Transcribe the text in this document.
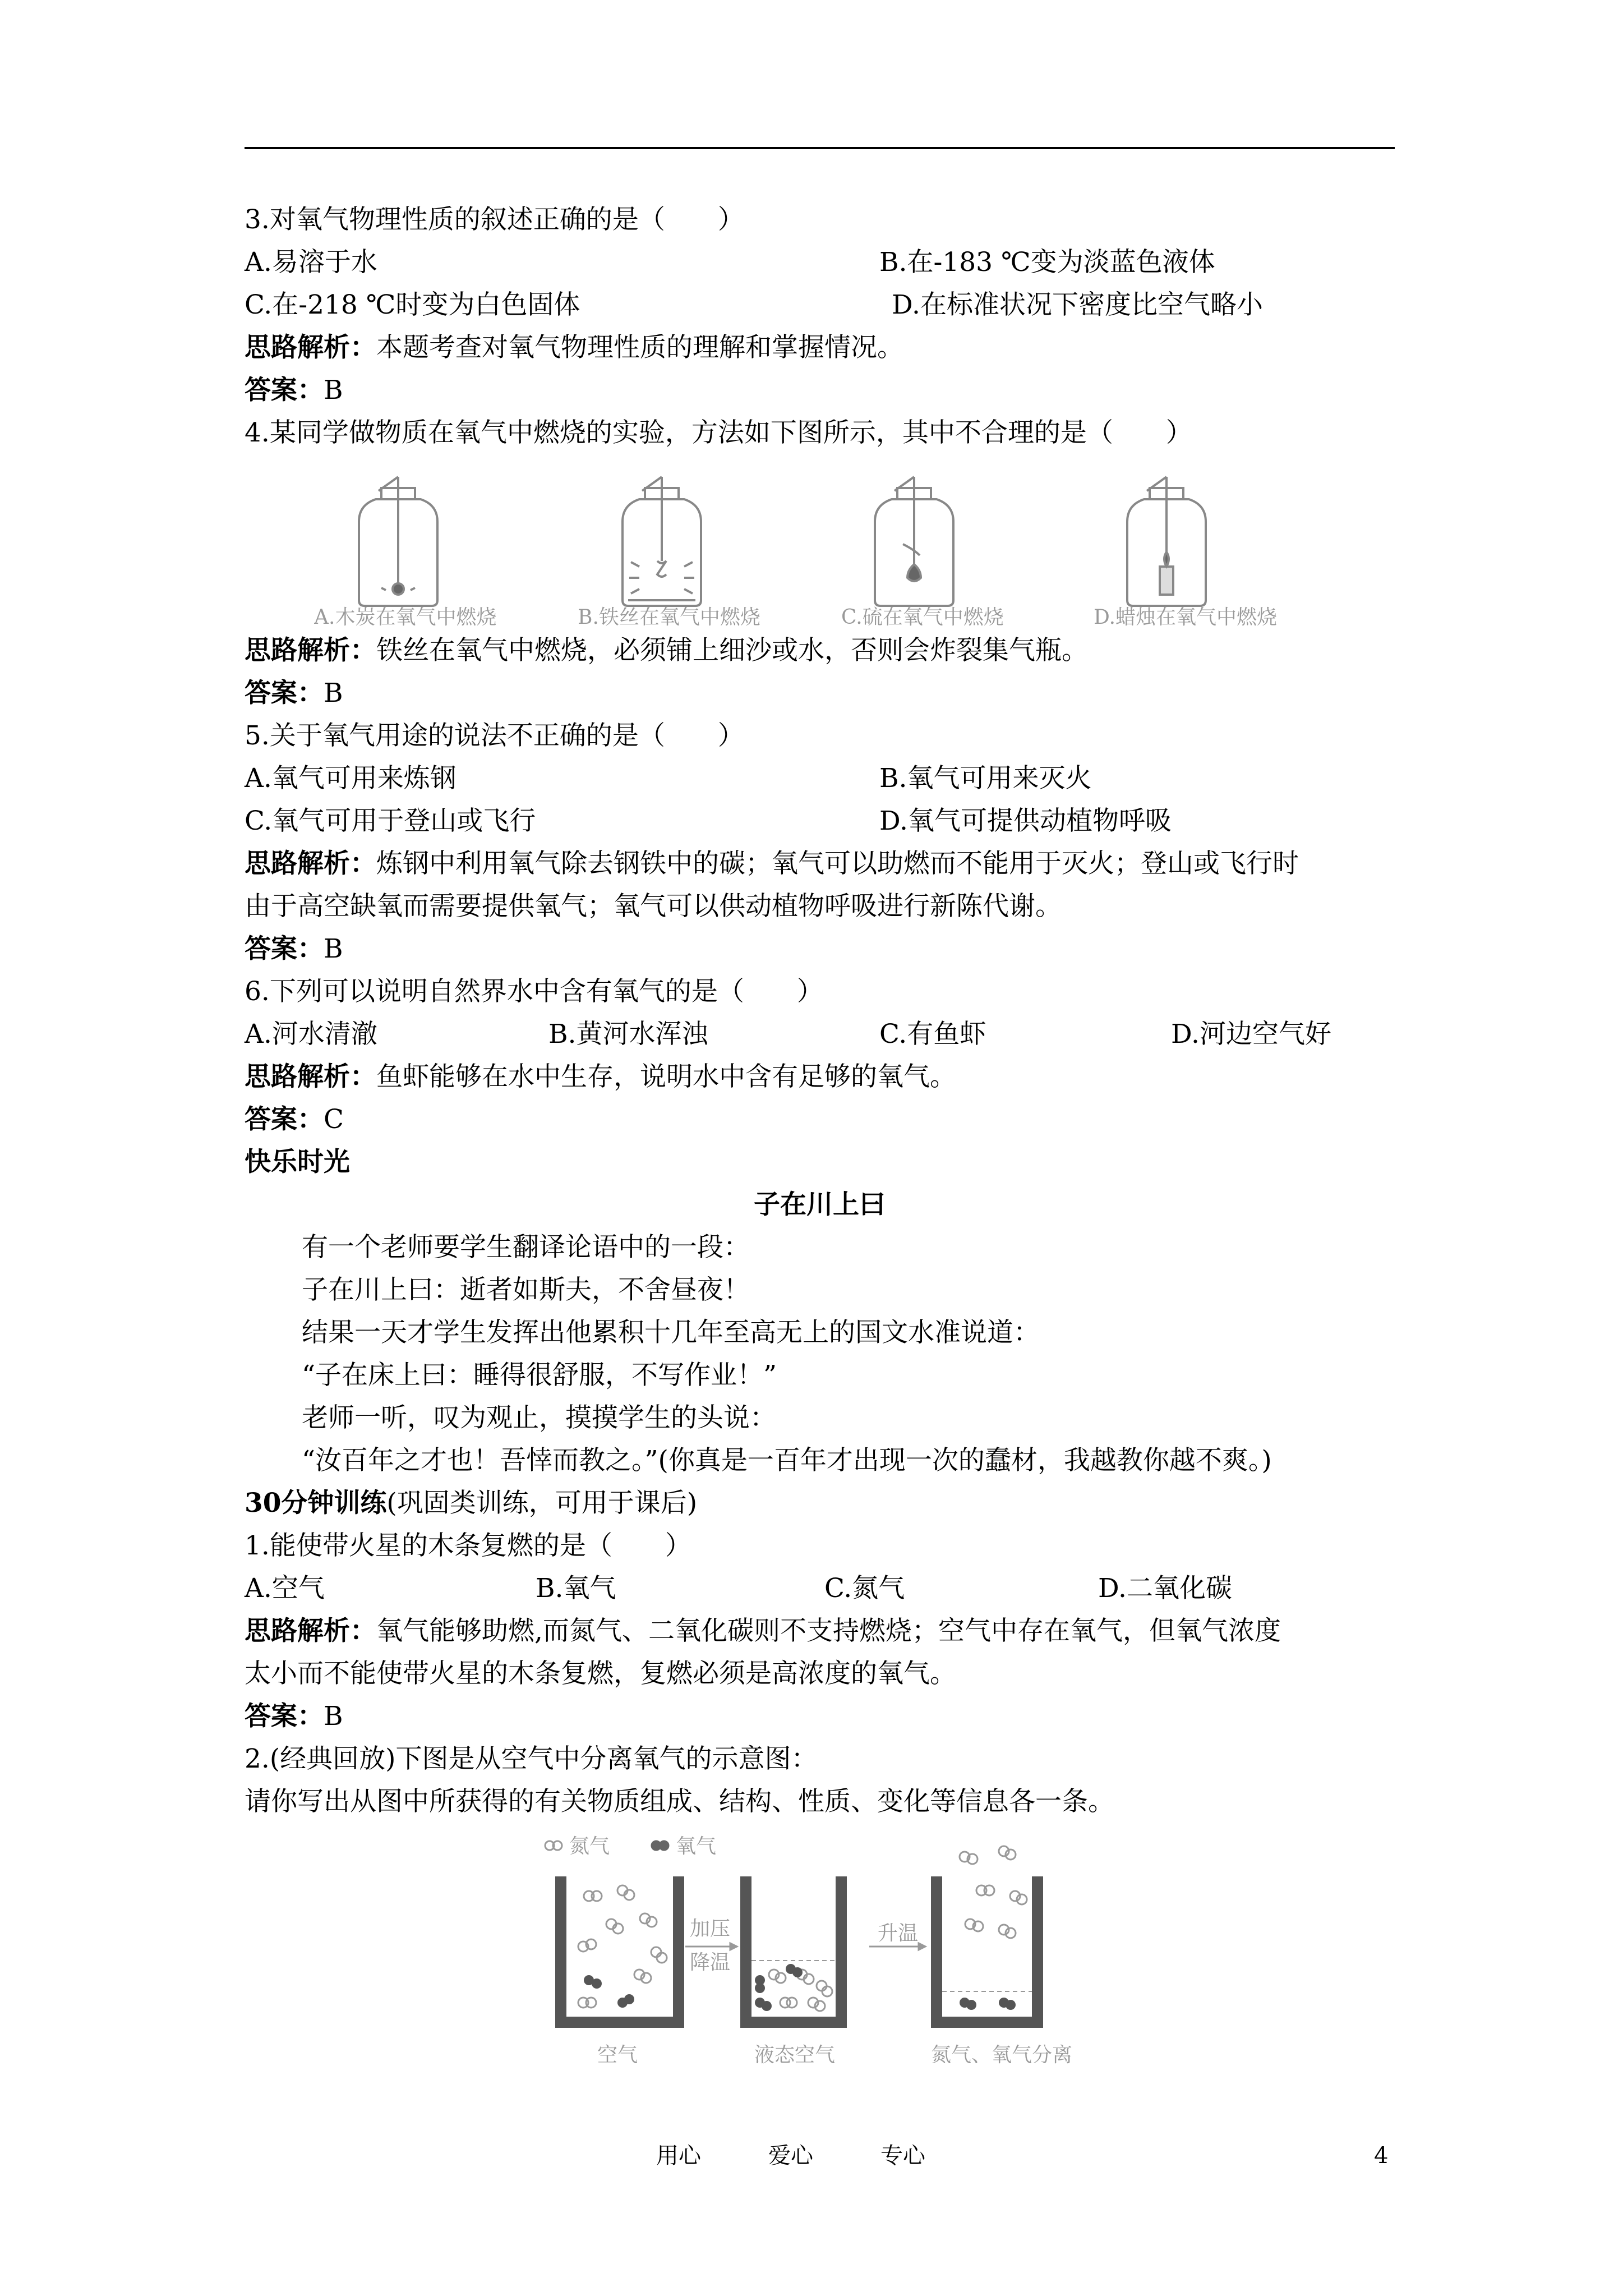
3.对氧气物理性质的叙述正确的是（　　）
A.易溶于水	B.在-183 ℃变为淡蓝色液体
C.在-218 ℃时变为白色固体	D.在标准状况下密度比空气略小
思路解析：本题考查对氧气物理性质的理解和掌握情况。
答案：B
4.某同学做物质在氧气中燃烧的实验，方法如下图所示，其中不合理的是（　　）
A.木炭在氧气中燃烧	B.铁丝在氧气中燃烧	C.硫在氧气中燃烧	D.蜡烛在氧气中燃烧
思路解析：铁丝在氧气中燃烧，必须铺上细沙或水，否则会炸裂集气瓶。
答案：B
5.关于氧气用途的说法不正确的是（　　）
A.氧气可用来炼钢	B.氧气可用来灭火
C.氧气可用于登山或飞行	D.氧气可提供动植物呼吸
思路解析：炼钢中利用氧气除去钢铁中的碳；氧气可以助燃而不能用于灭火；登山或飞行时
由于高空缺氧而需要提供氧气；氧气可以供动植物呼吸进行新陈代谢。
答案：B
6.下列可以说明自然界水中含有氧气的是（　　）
A.河水清澈	B.黄河水浑浊	C.有鱼虾	D.河边空气好
思路解析：鱼虾能够在水中生存，说明水中含有足够的氧气。
答案：C
快乐时光
子在川上曰
有一个老师要学生翻译论语中的一段：
子在川上曰：逝者如斯夫，不舍昼夜！
结果一天才学生发挥出他累积十几年至高无上的国文水准说道：
“子在床上曰：睡得很舒服，不写作业！”
老师一听，叹为观止，摸摸学生的头说：
“汝百年之才也！吾悻而教之。”(你真是一百年才出现一次的蠢材，我越教你越不爽。)
30分钟训练(巩固类训练，可用于课后)
1.能使带火星的木条复燃的是（　　）
A.空气	B.氧气	C.氮气	D.二氧化碳
思路解析：氧气能够助燃,而氮气、二氧化碳则不支持燃烧；空气中存在氧气，但氧气浓度
太小而不能使带火星的木条复燃，复燃必须是高浓度的氧气。
答案：B
2.(经典回放)下图是从空气中分离氧气的示意图：
请你写出从图中所获得的有关物质组成、结构、性质、变化等信息各一条。
氮气	氧气
加压
降温
升温
空气	液态空气	氮气、氧气分离
用心	爱心	专心	4
